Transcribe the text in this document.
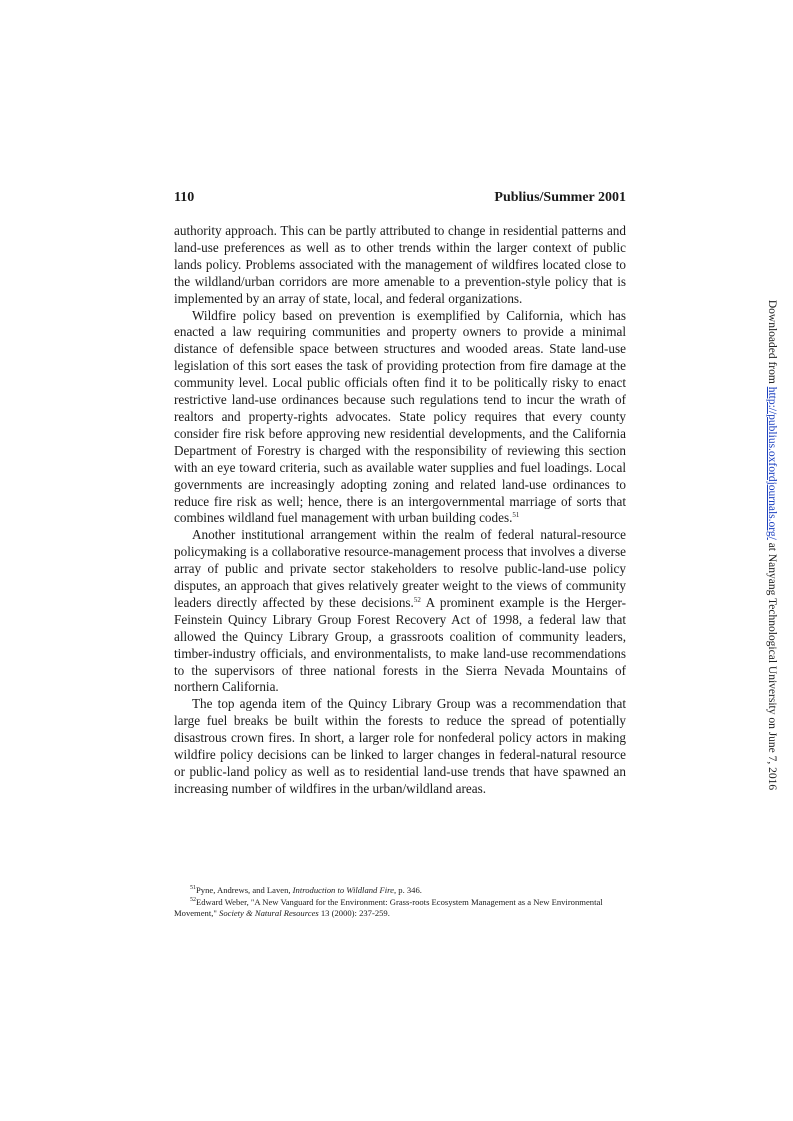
110	Publius/Summer 2001

authority approach. This can be partly attributed to change in residential patterns and land-use preferences as well as to other trends within the larger context of public lands policy. Problems associated with the management of wildfires located close to the wildland/urban corridors are more amenable to a prevention-style policy that is implemented by an array of state, local, and federal organizations.

Wildfire policy based on prevention is exemplified by California, which has enacted a law requiring communities and property owners to provide a minimal distance of defensible space between structures and wooded areas. State land-use legislation of this sort eases the task of providing protection from fire damage at the community level. Local public officials often find it to be politically risky to enact restrictive land-use ordinances because such regulations tend to incur the wrath of realtors and property-rights advocates. State policy requires that every county consider fire risk before approving new residential developments, and the California Department of Forestry is charged with the responsibility of reviewing this section with an eye toward criteria, such as available water supplies and fuel loadings. Local governments are increasingly adopting zoning and related land-use ordinances to reduce fire risk as well; hence, there is an intergovernmental marriage of sorts that combines wildland fuel management with urban building codes.$^{51}$

Another institutional arrangement within the realm of federal natural-resource policymaking is a collaborative resource-management process that involves a diverse array of public and private sector stakeholders to resolve public-land-use policy disputes, an approach that gives relatively greater weight to the views of community leaders directly affected by these decisions.$^{52}$ A prominent example is the Herger-Feinstein Quincy Library Group Forest Recovery Act of 1998, a federal law that allowed the Quincy Library Group, a grassroots coalition of community leaders, timber-industry officials, and environmentalists, to make land-use recommendations to the supervisors of three national forests in the Sierra Nevada Mountains of northern California.

The top agenda item of the Quincy Library Group was a recommendation that large fuel breaks be built within the forests to reduce the spread of potentially disastrous crown fires. In short, a larger role for nonfederal policy actors in making wildfire policy decisions can be linked to larger changes in federal-natural resource or public-land policy as well as to residential land-use trends that have spawned an increasing number of wildfires in the urban/wildland areas.

$^{51}$Pyne, Andrews, and Laven, Introduction to Wildland Fire, p. 346.

$^{52}$Edward Weber, "A New Vanguard for the Environment: Grass-roots Ecosystem Management as a New Environmental Movement," Society & Natural Resources 13 (2000): 237-259.

Downloaded from http://publius.oxfordjournals.org/ at Nanyang Technological University on June 7, 2016
